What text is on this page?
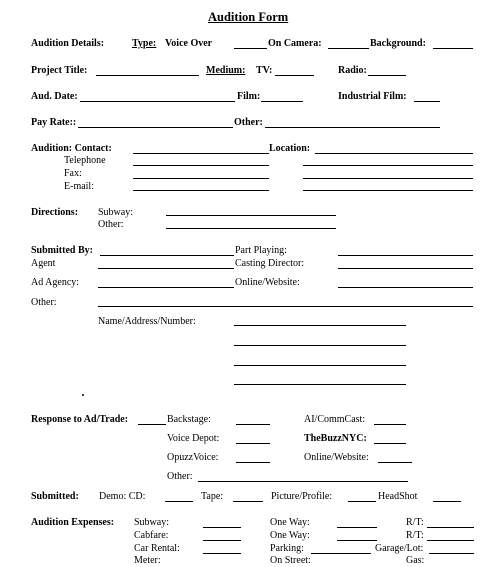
Audition Form
Audition Details:	Type: Voice Over	On Camera:	Background:
Project Title:	Medium: TV:	Radio:
Aud. Date:	Film:	Industrial Film:
Pay Rate::	Other:
Audition: Contact:	Location:
Telephone
Fax:
E-mail:
Directions: Subway:
Other:
Submitted By:	Part Playing:
Agent	Casting Director:
Ad Agency:	Online/Website:
Other:
Name/Address/Number:
Response to Ad/Trade:	Backstage:	AI/CommCast:
Voice Depot:	TheBuzzNYC:
OpuzzVoice:	Online/Website:
Other:
Submitted: Demo: CD:	Tape:	Picture/Profile:	HeadShot
Audition Expenses: Subway:	One Way:	R/T:
Cabfare:	One Way:	R/T:
Car Rental:	Parking:	Garage/Lot:
Meter:	On Street:	Gas:
